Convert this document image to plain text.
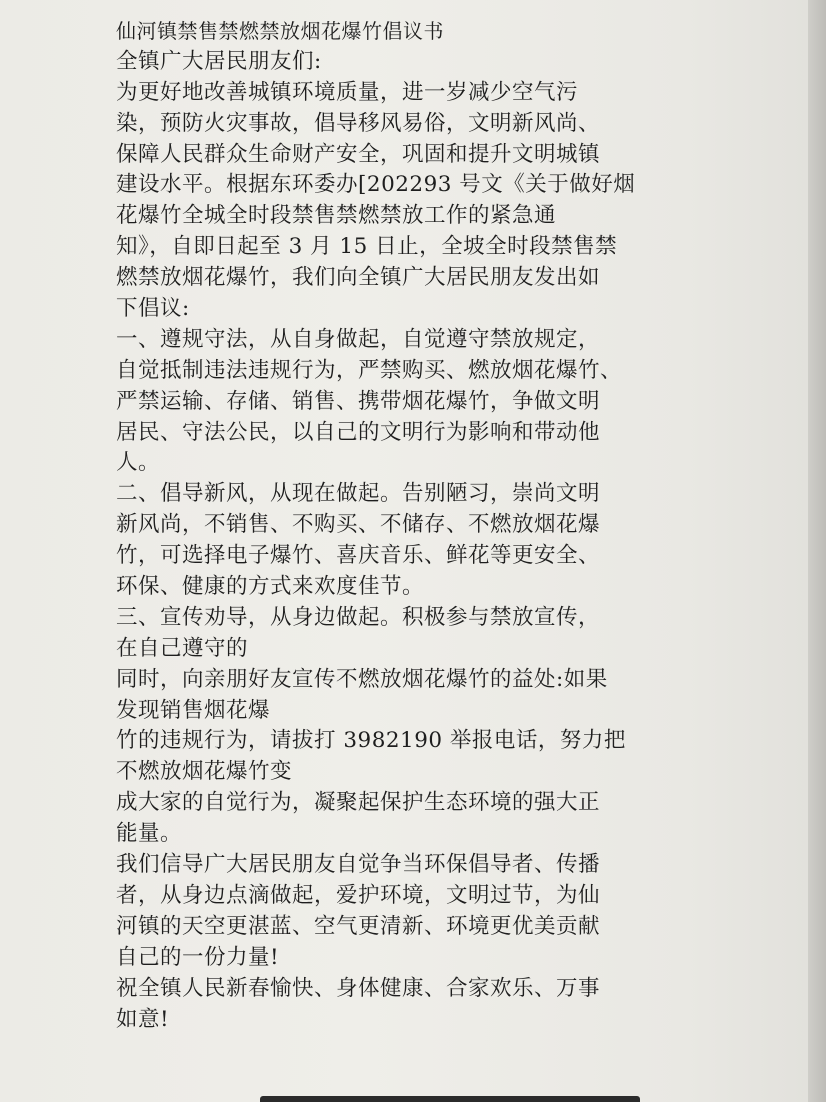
仙河镇禁售禁燃禁放烟花爆竹倡议书
全镇广大居民朋友们:
为更好地改善城镇环境质量，进一岁减少空气污
染，预防火灾事故，倡导移风易俗，文明新风尚、
保障人民群众生命财产安全，巩固和提升文明城镇
建设水平。根据东环委办[202293 号文《关于做好烟
花爆竹全城全时段禁售禁燃禁放工作的紧急通
知》，自即日起至 3 月 15 日止，全坡全时段禁售禁
燃禁放烟花爆竹，我们向全镇广大居民朋友发出如
下倡议:
一、遵规守法，从自身做起，自觉遵守禁放规定，
自觉抵制违法违规行为，严禁购买、燃放烟花爆竹、
严禁运输、存储、销售、携带烟花爆竹，争做文明
居民、守法公民，以自己的文明行为影响和带动他
人。
二、倡导新风，从现在做起。告别陋习，崇尚文明
新风尚，不销售、不购买、不储存、不燃放烟花爆
竹，可选择电子爆竹、喜庆音乐、鲜花等更安全、
环保、健康的方式来欢度佳节。
三、宣传劝导，从身边做起。积极参与禁放宣传，
在自己遵守的
同时，向亲朋好友宣传不燃放烟花爆竹的益处:如果
发现销售烟花爆
竹的违规行为，请拔打 3982190 举报电话，努力把
不燃放烟花爆竹变
成大家的自觉行为，凝聚起保护生态环境的强大正
能量。
我们信导广大居民朋友自觉争当环保倡导者、传播
者，从身边点滴做起，爱护环境，文明过节，为仙
河镇的天空更湛蓝、空气更清新、环境更优美贡献
自己的一份力量!
祝全镇人民新春愉快、身体健康、合家欢乐、万事
如意!
